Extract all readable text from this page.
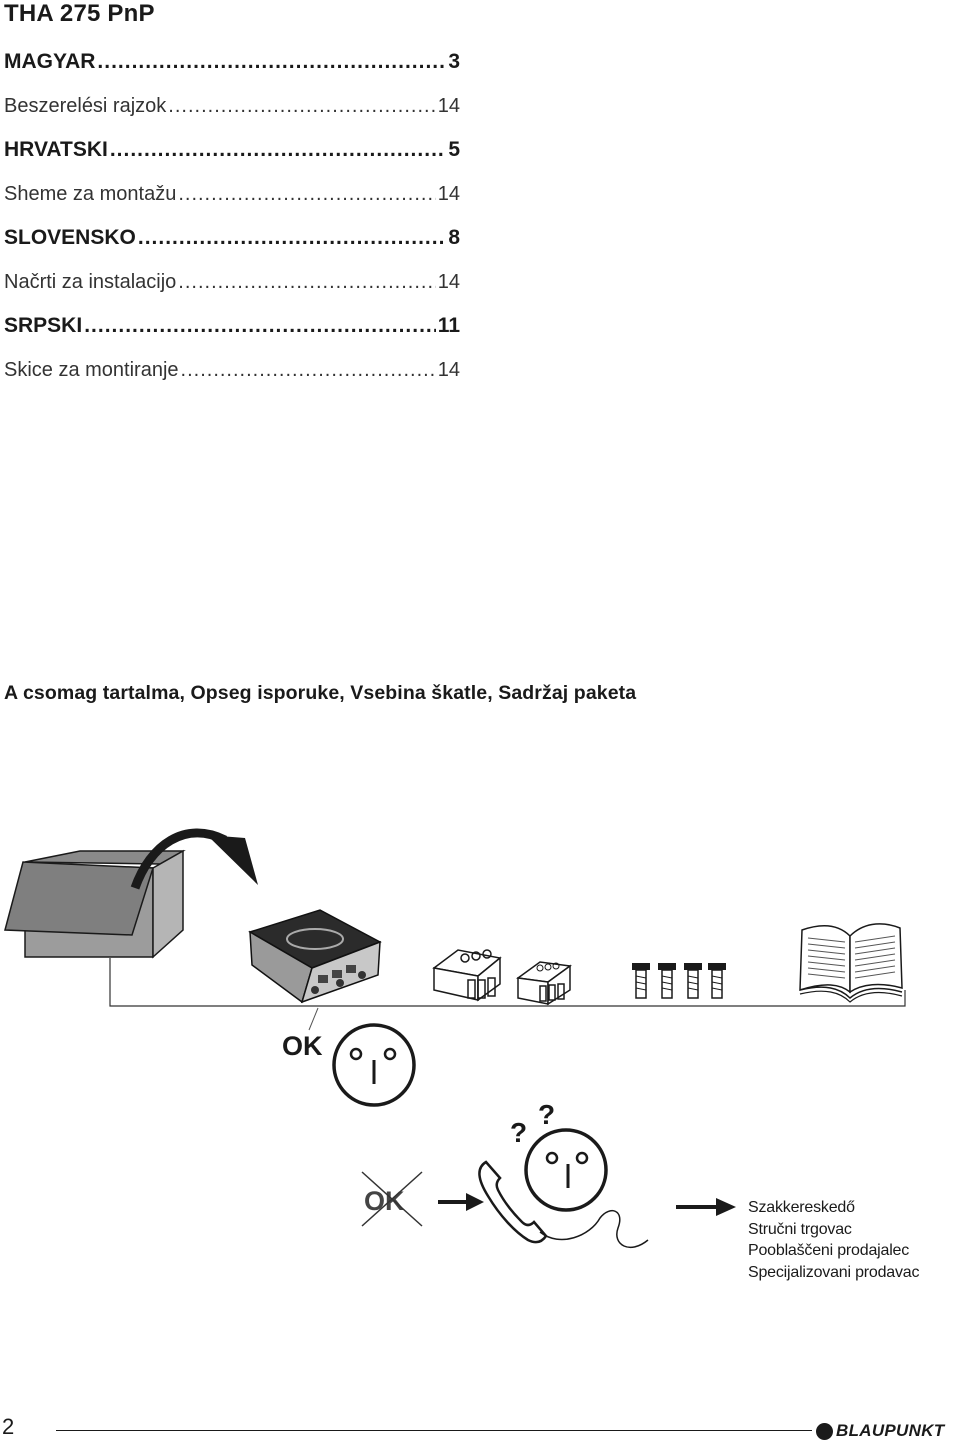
THA 275 PnP
MAGYAR .....	3
Beszerelési rajzok .....	14
HRVATSKI .....	5
Sheme za montažu .....	14
SLOVENSKO .....	8
Načrti za instalacijo .....	14
SRPSKI .....	11
Skice za montiranje .....	14
A csomag tartalma, Opseg isporuke, Vsebina škatle, Sadržaj paketa
OK
OK
?
?
Szakkereskedő
Stručni trgovac
Pooblaščeni prodajalec
Specijalizovani prodavac
2	BLAUPUNKT
